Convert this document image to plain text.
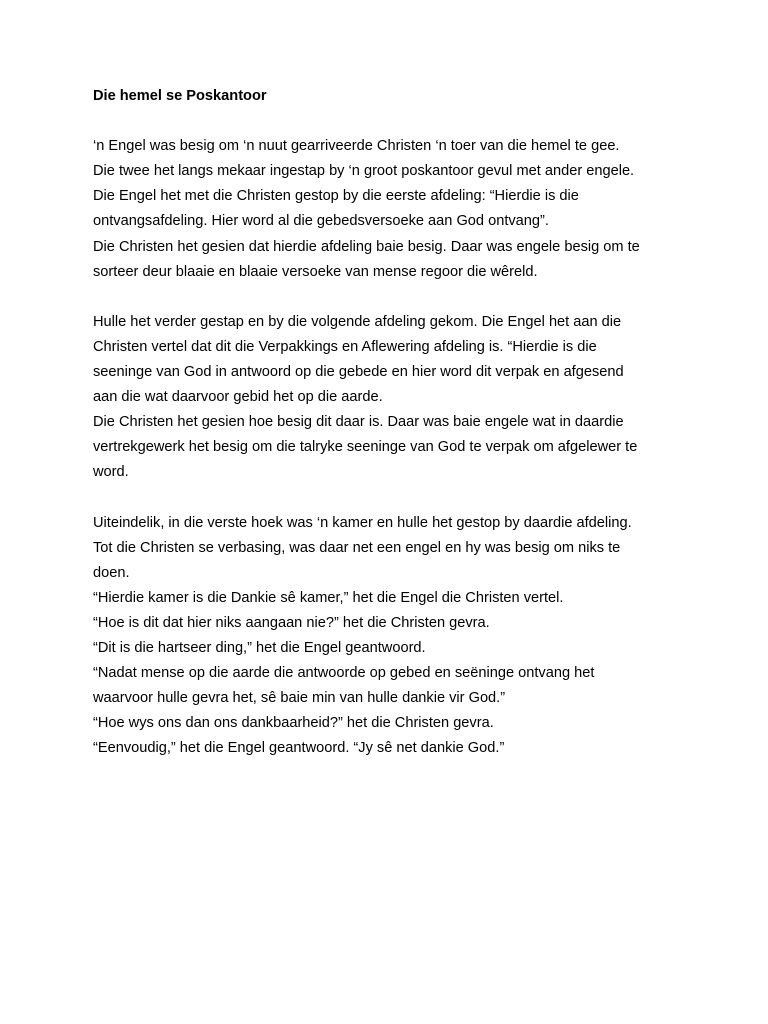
Die hemel se Poskantoor
‘n Engel was besig om ‘n nuut gearriveerde Christen ‘n toer van die hemel te gee.
Die twee het langs mekaar ingestap by ‘n groot poskantoor gevul met ander engele.
Die Engel het met die Christen gestop by die eerste afdeling: “Hierdie is die
ontvangsafdeling. Hier word al die gebedsversoeke aan God ontvang”.
Die Christen het gesien dat hierdie afdeling baie besig. Daar was engele besig om te
sorteer deur blaaie en blaaie versoeke van mense regoor die wêreld.
Hulle het verder gestap en by die volgende afdeling gekom. Die Engel het aan die
Christen vertel dat dit die Verpakkings en Aflewering afdeling is. “Hierdie is die
seeninge van God in antwoord op die gebede en hier word dit verpak en afgesend
aan die wat daarvoor gebid het op die aarde.
Die Christen het gesien hoe besig dit daar is. Daar was baie engele wat in daardie
vertrekgewerk het besig om die talryke seeninge van God te verpak om afgelewer te
word.
Uiteindelik, in die verste hoek was ‘n kamer en hulle het gestop by daardie afdeling.
Tot die Christen se verbasing, was daar net een engel en hy was besig om niks te
doen.
“Hierdie kamer is die Dankie sê kamer,” het die Engel die Christen vertel.
“Hoe is dit dat hier niks aangaan nie?” het die Christen gevra.
“Dit is die hartseer ding,” het die Engel geantwoord.
“Nadat mense op die aarde die antwoorde op gebed en seëninge ontvang het
waarvoor hulle gevra het, sê baie min van hulle dankie vir God.”
“Hoe wys ons dan ons dankbaarheid?” het die Christen gevra.
“Eenvoudig,” het die Engel geantwoord. “Jy sê net dankie God.”
